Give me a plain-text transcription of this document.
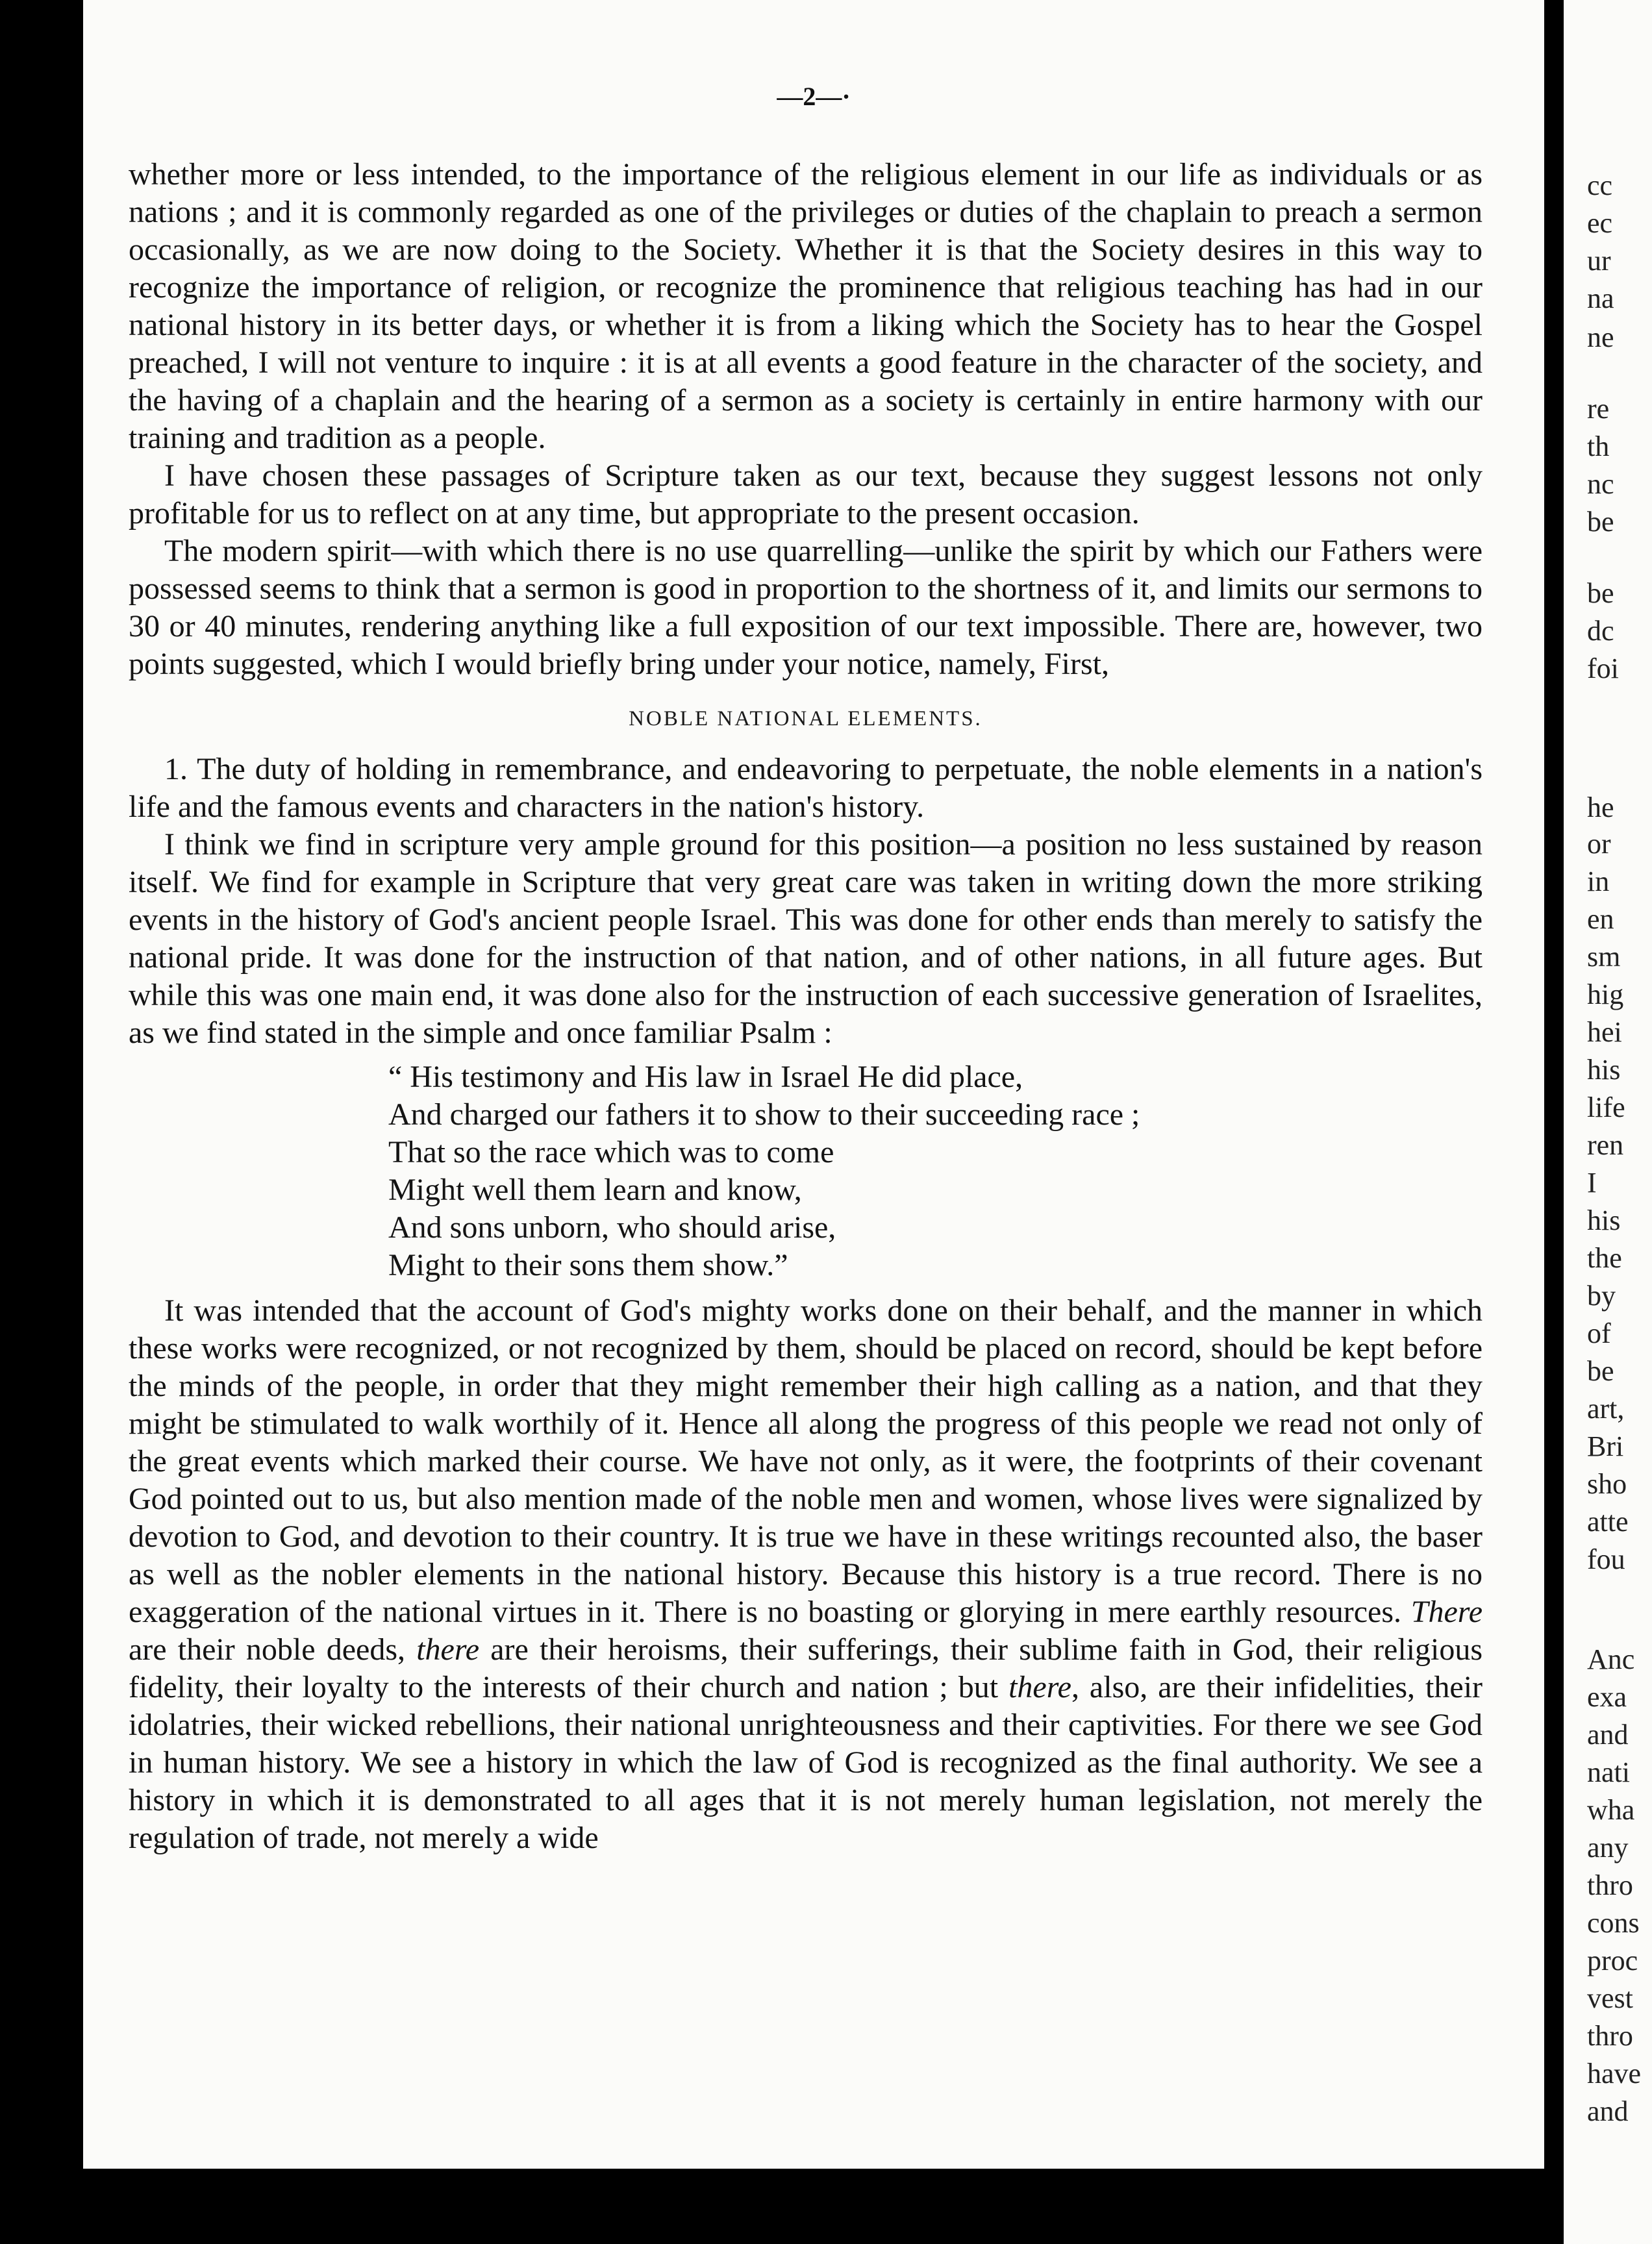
—2—·

whether more or less intended, to the importance of the religious element in our life as individuals or as nations ; and it is commonly regarded as one of the privileges or duties of the chaplain to preach a sermon occasionally, as we are now doing to the Society. Whether it is that the Society desires in this way to recognize the importance of religion, or recognize the prominence that religious teaching has had in our national history in its better days, or whether it is from a liking which the Society has to hear the Gospel preached, I will not venture to inquire : it is at all events a good feature in the character of the society, and the having of a chaplain and the hearing of a sermon as a society is certainly in entire harmony with our training and tradition as a people.

I have chosen these passages of Scripture taken as our text, because they suggest lessons not only profitable for us to reflect on at any time, but appropriate to the present occasion.

The modern spirit—with which there is no use quarrelling—unlike the spirit by which our Fathers were possessed seems to think that a sermon is good in proportion to the shortness of it, and limits our sermons to 30 or 40 minutes, rendering anything like a full exposition of our text impossible. There are, however, two points suggested, which I would briefly bring under your notice, namely, First,

NOBLE NATIONAL ELEMENTS.

1. The duty of holding in remembrance, and endeavoring to perpetuate, the noble elements in a nation's life and the famous events and characters in the nation's history.

I think we find in scripture very ample ground for this position—a position no less sustained by reason itself. We find for example in Scripture that very great care was taken in writing down the more striking events in the history of God's ancient people Israel. This was done for other ends than merely to satisfy the national pride. It was done for the instruction of that nation, and of other nations, in all future ages. But while this was one main end, it was done also for the instruction of each successive generation of Israelites, as we find stated in the simple and once familiar Psalm :

“ His testimony and His law in Israel He did place,
And charged our fathers it to show to their succeeding race ;
That so the race which was to come
Might well them learn and know,
And sons unborn, who should arise,
Might to their sons them show.”

It was intended that the account of God's mighty works done on their behalf, and the manner in which these works were recognized, or not recognized by them, should be placed on record, should be kept before the minds of the people, in order that they might remember their high calling as a nation, and that they might be stimulated to walk worthily of it. Hence all along the progress of this people we read not only of the great events which marked their course. We have not only, as it were, the footprints of their covenant God pointed out to us, but also mention made of the noble men and women, whose lives were signalized by devotion to God, and devotion to their country. It is true we have in these writings recounted also, the baser as well as the nobler elements in the national history. Because this history is a true record. There is no exaggeration of the national virtues in it. There is no boasting or glorying in mere earthly resources. There are their noble deeds, there are their heroisms, their sufferings, their sublime faith in God, their religious fidelity, their loyalty to the interests of their church and nation ; but there, also, are their infidelities, their idolatries, their wicked rebellions, their national unrighteousness and their captivities. For there we see God in human history. We see a history in which the law of God is recognized as the final authority. We see a history in which it is demonstrated to all ages that it is not merely human legislation, not merely the regulation of trade, not merely a wide

cc
ec
ur
na
ne
re
th
nc
be
be
dc
foi
he
or
in
en
sm
hig
hei
his
life
ren
I
his
the
by
of
be
art,
Bri
sho
atte
fou
Anc
exa
and
nati
wha
any
thro
cons
proc
vest
thro
have
and
